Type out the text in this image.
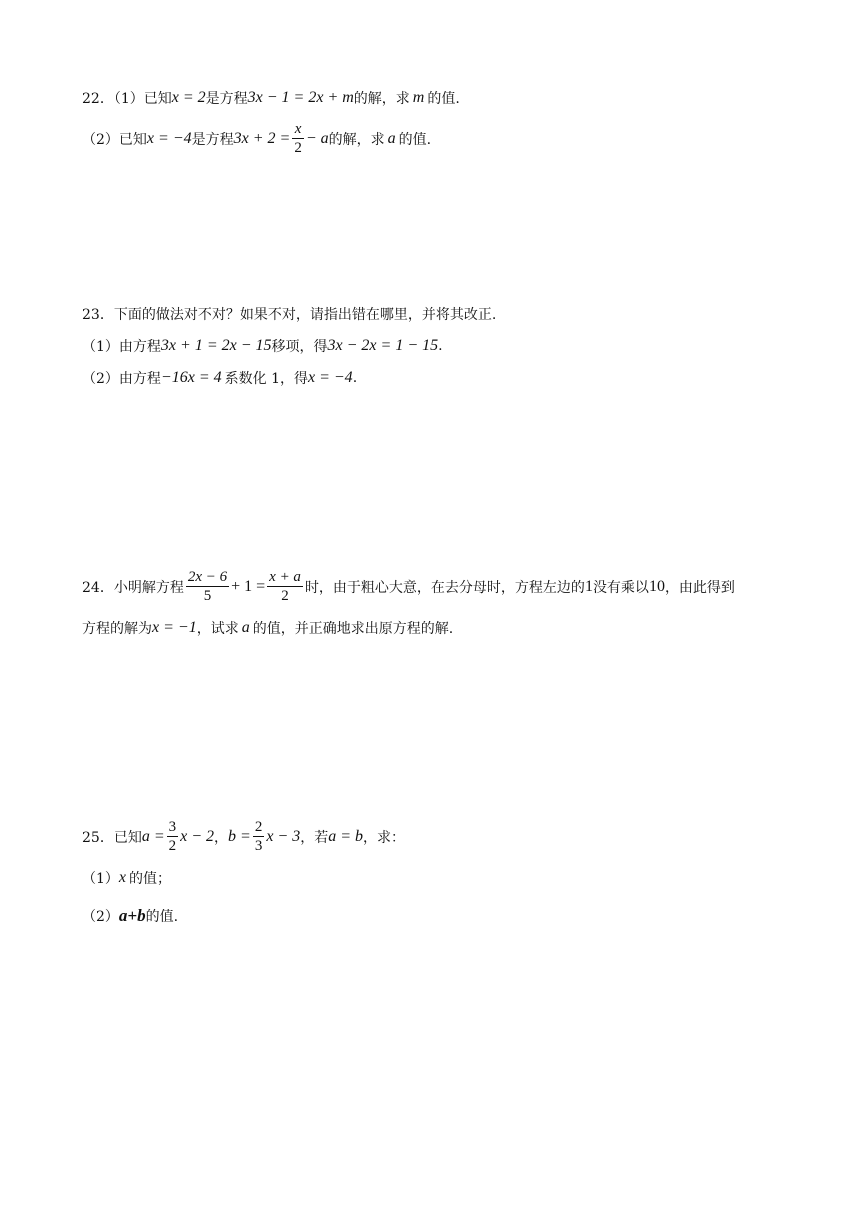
22．（1）已知 x = 2 是方程 3x − 1 = 2x + m 的解，求 m 的值.
（2）已知 x = −4 是方程 $3x + 2 = \frac{x}{2} - a$ 的解，求 a 的值.
23．下面的做法对不对？如果不对，请指出错在哪里，并将其改正.
（1）由方程 3x + 1 = 2x − 15 移项，得 3x − 2x = 1 − 15 .
（2）由方程 −16x = 4 系数化 1，得 x = −4 .
24．小明解方程 $\frac{2x - 6}{5} + 1 = \frac{x + a}{2}$ 时，由于粗心大意，在去分母时，方程左边的 1 没有乘以 10 ，由此得到
方程的解为 x = −1 ，试求 a 的值，并正确地求出原方程的解.
25．已知 $a = \frac{3}{2}$ x − 2 ， $b = \frac{2}{3}$ x − 3 ，若 a = b ，求：
（1） x 的值；
（2） a+b 的值.
